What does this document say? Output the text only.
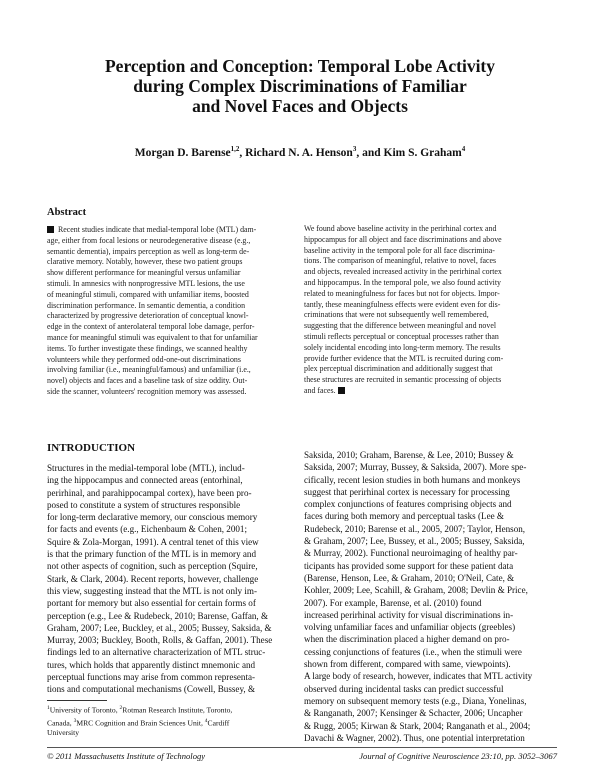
Perception and Conception: Temporal Lobe Activity
during Complex Discriminations of Familiar
and Novel Faces and Objects
Morgan D. Barense$^{1,2}$, Richard N. A. Henson$^3$, and Kim S. Graham$^4$
Abstract
Recent studies indicate that medial-temporal lobe (MTL) dam-
age, either from focal lesions or neurodegenerative disease (e.g.,
semantic dementia), impairs perception as well as long-term de-
clarative memory. Notably, however, these two patient groups
show different performance for meaningful versus unfamiliar
stimuli. In amnesics with nonprogressive MTL lesions, the use
of meaningful stimuli, compared with unfamiliar items, boosted
discrimination performance. In semantic dementia, a condition
characterized by progressive deterioration of conceptual knowl-
edge in the context of anterolateral temporal lobe damage, perfor-
mance for meaningful stimuli was equivalent to that for unfamiliar
items. To further investigate these findings, we scanned healthy
volunteers while they performed odd-one-out discriminations
involving familiar (i.e., meaningful/famous) and unfamiliar (i.e.,
novel) objects and faces and a baseline task of size oddity. Out-
side the scanner, volunteers' recognition memory was assessed.
We found above baseline activity in the perirhinal cortex and
hippocampus for all object and face discriminations and above
baseline activity in the temporal pole for all face discrimina-
tions. The comparison of meaningful, relative to novel, faces
and objects, revealed increased activity in the perirhinal cortex
and hippocampus. In the temporal pole, we also found activity
related to meaningfulness for faces but not for objects. Impor-
tantly, these meaningfulness effects were evident even for dis-
criminations that were not subsequently well remembered,
suggesting that the difference between meaningful and novel
stimuli reflects perceptual or conceptual processes rather than
solely incidental encoding into long-term memory. The results
provide further evidence that the MTL is recruited during com-
plex perceptual discrimination and additionally suggest that
these structures are recruited in semantic processing of objects
and faces.
INTRODUCTION
Structures in the medial-temporal lobe (MTL), includ-
ing the hippocampus and connected areas (entorhinal,
perirhinal, and parahippocampal cortex), have been pro-
posed to constitute a system of structures responsible
for long-term declarative memory, our conscious memory
for facts and events (e.g., Eichenbaum & Cohen, 2001;
Squire & Zola-Morgan, 1991). A central tenet of this view
is that the primary function of the MTL is in memory and
not other aspects of cognition, such as perception (Squire,
Stark, & Clark, 2004). Recent reports, however, challenge
this view, suggesting instead that the MTL is not only im-
portant for memory but also essential for certain forms of
perception (e.g., Lee & Rudebeck, 2010; Barense, Gaffan, &
Graham, 2007; Lee, Buckley, et al., 2005; Bussey, Saksida, &
Murray, 2003; Buckley, Booth, Rolls, & Gaffan, 2001). These
findings led to an alternative characterization of MTL struc-
tures, which holds that apparently distinct mnemonic and
perceptual functions may arise from common representa-
tions and computational mechanisms (Cowell, Bussey, &
Saksida, 2010; Graham, Barense, & Lee, 2010; Bussey &
Saksida, 2007; Murray, Bussey, & Saksida, 2007). More spe-
cifically, recent lesion studies in both humans and monkeys
suggest that perirhinal cortex is necessary for processing
complex conjunctions of features comprising objects and
faces during both memory and perceptual tasks (Lee &
Rudebeck, 2010; Barense et al., 2005, 2007; Taylor, Henson,
& Graham, 2007; Lee, Bussey, et al., 2005; Bussey, Saksida,
& Murray, 2002). Functional neuroimaging of healthy par-
ticipants has provided some support for these patient data
(Barense, Henson, Lee, & Graham, 2010; O'Neil, Cate, &
Kohler, 2009; Lee, Scahill, & Graham, 2008; Devlin & Price,
2007). For example, Barense, et al. (2010) found
increased perirhinal activity for visual discriminations in-
volving unfamiliar faces and unfamiliar objects (greebles)
when the discrimination placed a higher demand on pro-
cessing conjunctions of features (i.e., when the stimuli were
shown from different, compared with same, viewpoints).
A large body of research, however, indicates that MTL activity
observed during incidental tasks can predict successful
memory on subsequent memory tests (e.g., Diana, Yonelinas,
& Ranganath, 2007; Kensinger & Schacter, 2006; Uncapher
& Rugg, 2005; Kirwan & Stark, 2004; Ranganath et al., 2004;
Davachi & Wagner, 2002). Thus, one potential interpretation
$^1$University of Toronto, $^2$Rotman Research Institute, Toronto,
Canada, $^3$MRC Cognition and Brain Sciences Unit, $^4$Cardiff
University
© 2011 Massachusetts Institute of Technology	Journal of Cognitive Neuroscience 23:10, pp. 3052–3067
